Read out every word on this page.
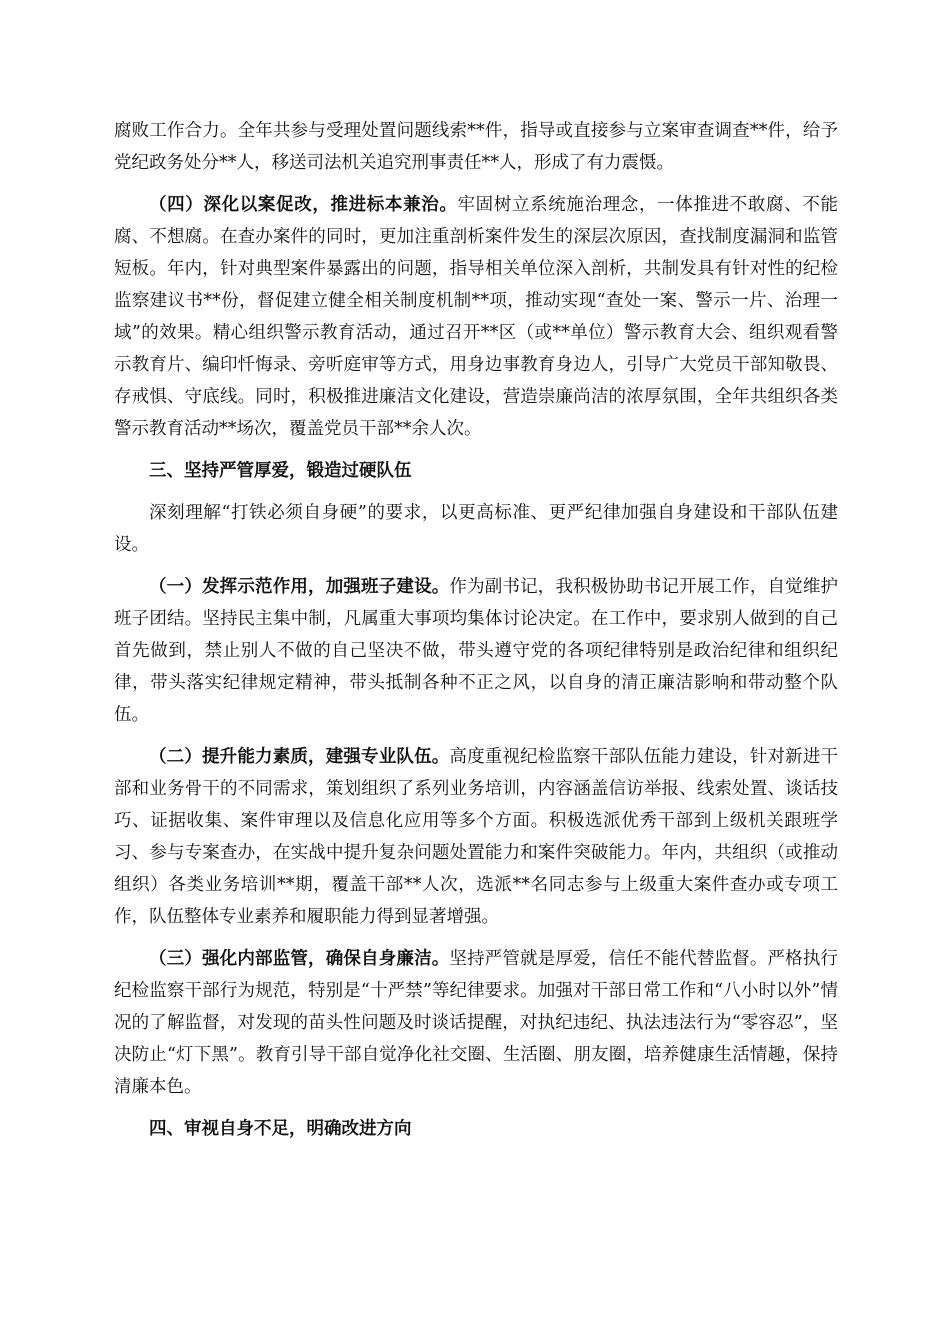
腐败工作合力。全年共参与受理处置问题线索**件，指导或直接参与立案审查调查**件，给予党纪政务处分**人，移送司法机关追究刑事责任**人，形成了有力震慑。

（四）深化以案促改，推进标本兼治。牢固树立系统施治理念，一体推进不敢腐、不能腐、不想腐。在查办案件的同时，更加注重剖析案件发生的深层次原因，查找制度漏洞和监管短板。年内，针对典型案件暴露出的问题，指导相关单位深入剖析，共制发具有针对性的纪检监察建议书**份，督促建立健全相关制度机制**项，推动实现“查处一案、警示一片、治理一域”的效果。精心组织警示教育活动，通过召开**区（或**单位）警示教育大会、组织观看警示教育片、编印忏悔录、旁听庭审等方式，用身边事教育身边人，引导广大党员干部知敬畏、存戒惧、守底线。同时，积极推进廉洁文化建设，营造崇廉尚洁的浓厚氛围，全年共组织各类警示教育活动**场次，覆盖党员干部**余人次。

三、坚持严管厚爱，锻造过硬队伍

深刻理解“打铁必须自身硬”的要求，以更高标准、更严纪律加强自身建设和干部队伍建设。

（一）发挥示范作用，加强班子建设。作为副书记，我积极协助书记开展工作，自觉维护班子团结。坚持民主集中制，凡属重大事项均集体讨论决定。在工作中，要求别人做到的自己首先做到，禁止别人不做的自己坚决不做，带头遵守党的各项纪律特别是政治纪律和组织纪律，带头落实纪律规定精神，带头抵制各种不正之风，以自身的清正廉洁影响和带动整个队伍。

（二）提升能力素质，建强专业队伍。高度重视纪检监察干部队伍能力建设，针对新进干部和业务骨干的不同需求，策划组织了系列业务培训，内容涵盖信访举报、线索处置、谈话技巧、证据收集、案件审理以及信息化应用等多个方面。积极选派优秀干部到上级机关跟班学习、参与专案查办，在实战中提升复杂问题处置能力和案件突破能力。年内，共组织（或推动组织）各类业务培训**期，覆盖干部**人次，选派**名同志参与上级重大案件查办或专项工作，队伍整体专业素养和履职能力得到显著增强。

（三）强化内部监管，确保自身廉洁。坚持严管就是厚爱，信任不能代替监督。严格执行纪检监察干部行为规范，特别是“十严禁”等纪律要求。加强对干部日常工作和“八小时以外”情况的了解监督，对发现的苗头性问题及时谈话提醒，对执纪违纪、执法违法行为“零容忍”，坚决防止“灯下黑”。教育引导干部自觉净化社交圈、生活圈、朋友圈，培养健康生活情趣，保持清廉本色。

四、审视自身不足，明确改进方向
